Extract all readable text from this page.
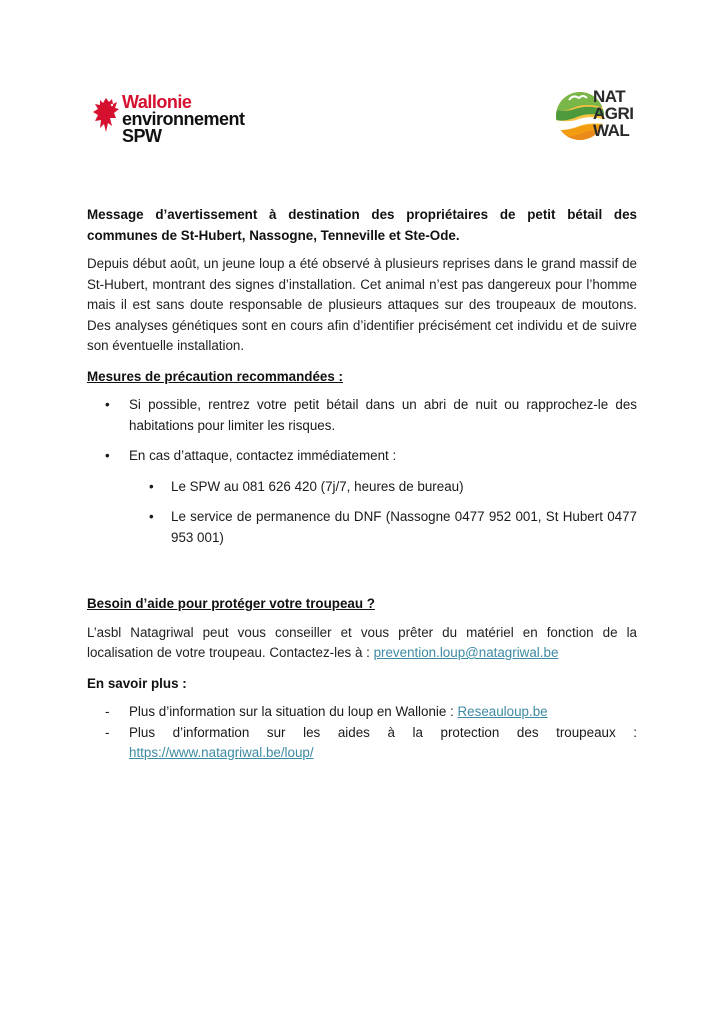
Wallonie
environnement
SPW
NAT
AGRI
WAL
Message d’avertissement à destination des propriétaires de petit bétail des communes de St-Hubert, Nassogne, Tenneville et Ste-Ode.
Depuis début août, un jeune loup a été observé à plusieurs reprises dans le grand massif de St-Hubert, montrant des signes d’installation. Cet animal n’est pas dangereux pour l’homme mais il est sans doute responsable de plusieurs attaques sur des troupeaux de moutons. Des analyses génétiques sont en cours afin d’identifier précisément cet individu et de suivre son éventuelle installation.
Mesures de précaution recommandées :
• Si possible, rentrez votre petit bétail dans un abri de nuit ou rapprochez-le des habitations pour limiter les risques.
• En cas d’attaque, contactez immédiatement :
• Le SPW au 081 626 420 (7j/7, heures de bureau)
• Le service de permanence du DNF (Nassogne 0477 952 001, St Hubert 0477 953 001)
Besoin d’aide pour protéger votre troupeau ?
L’asbl Natagriwal peut vous conseiller et vous prêter du matériel en fonction de la localisation de votre troupeau. Contactez-les à : prevention.loup@natagriwal.be
En savoir plus :
- Plus d’information sur la situation du loup en Wallonie : Reseauloup.be
- Plus d’information sur les aides à la protection des troupeaux : https://www.natagriwal.be/loup/
